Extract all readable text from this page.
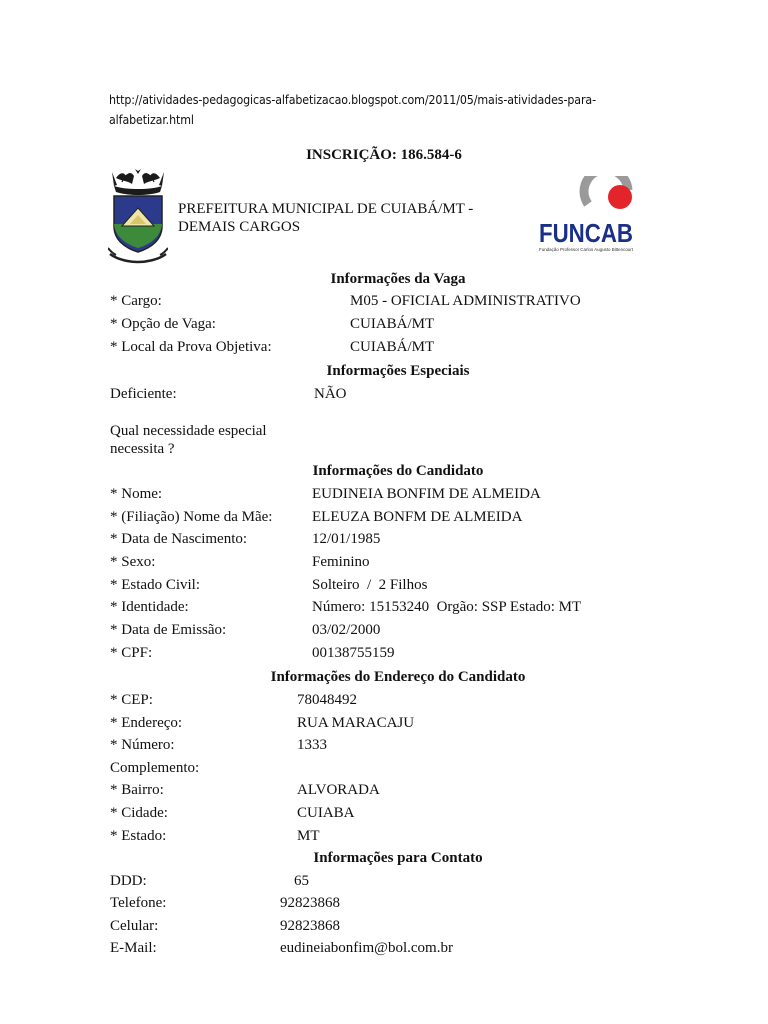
http://atividades-pedagogicas-alfabetizacao.blogspot.com/2011/05/mais-atividades-para-alfabetizar.html
INSCRIÇÃO: 186.584-6
PREFEITURA MUNICIPAL DE CUIABÁ/MT -
DEMAIS CARGOS	FUNCAB
Fundação Professor Carlos Augusto Bittencourt
Informações da Vaga
* Cargo:	M05 - OFICIAL ADMINISTRATIVO
* Opção de Vaga:	CUIABÁ/MT
* Local da Prova Objetiva:	CUIABÁ/MT
Informações Especiais
Deficiente:	NÃO
Qual necessidade especial necessita ?
Informações do Candidato
* Nome:	EUDINEIA BONFIM DE ALMEIDA
* (Filiação) Nome da Mãe:	ELEUZA BONFM DE ALMEIDA
* Data de Nascimento:	12/01/1985
* Sexo:	Feminino
* Estado Civil:	Solteiro  /  2 Filhos
* Identidade:	Número: 15153240  Orgão: SSP Estado: MT
* Data de Emissão:	03/02/2000
* CPF:	00138755159
Informações do Endereço do Candidato
* CEP:	78048492
* Endereço:	RUA MARACAJU
* Número:	1333
Complemento:
* Bairro:	ALVORADA
* Cidade:	CUIABA
* Estado:	MT
Informações para Contato
DDD:	65
Telefone:	92823868
Celular:	92823868
E-Mail:	eudineiabonfim@bol.com.br
